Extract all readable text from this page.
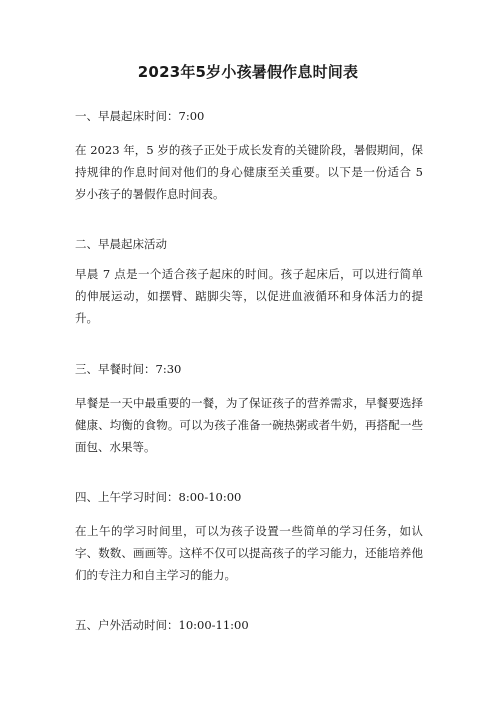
2023年5岁小孩暑假作息时间表
一、早晨起床时间：7:00
在 2023 年，5 岁的孩子正处于成长发育的关键阶段，暑假期间，保持规律的作息时间对他们的身心健康至关重要。以下是一份适合 5 岁小孩子的暑假作息时间表。
二、早晨起床活动
早晨 7 点是一个适合孩子起床的时间。孩子起床后，可以进行简单的伸展运动，如摆臂、踮脚尖等，以促进血液循环和身体活力的提升。
三、早餐时间：7:30
早餐是一天中最重要的一餐，为了保证孩子的营养需求，早餐要选择健康、均衡的食物。可以为孩子准备一碗热粥或者牛奶，再搭配一些面包、水果等。
四、上午学习时间：8:00-10:00
在上午的学习时间里，可以为孩子设置一些简单的学习任务，如认字、数数、画画等。这样不仅可以提高孩子的学习能力，还能培养他们的专注力和自主学习的能力。
五、户外活动时间：10:00-11:00
